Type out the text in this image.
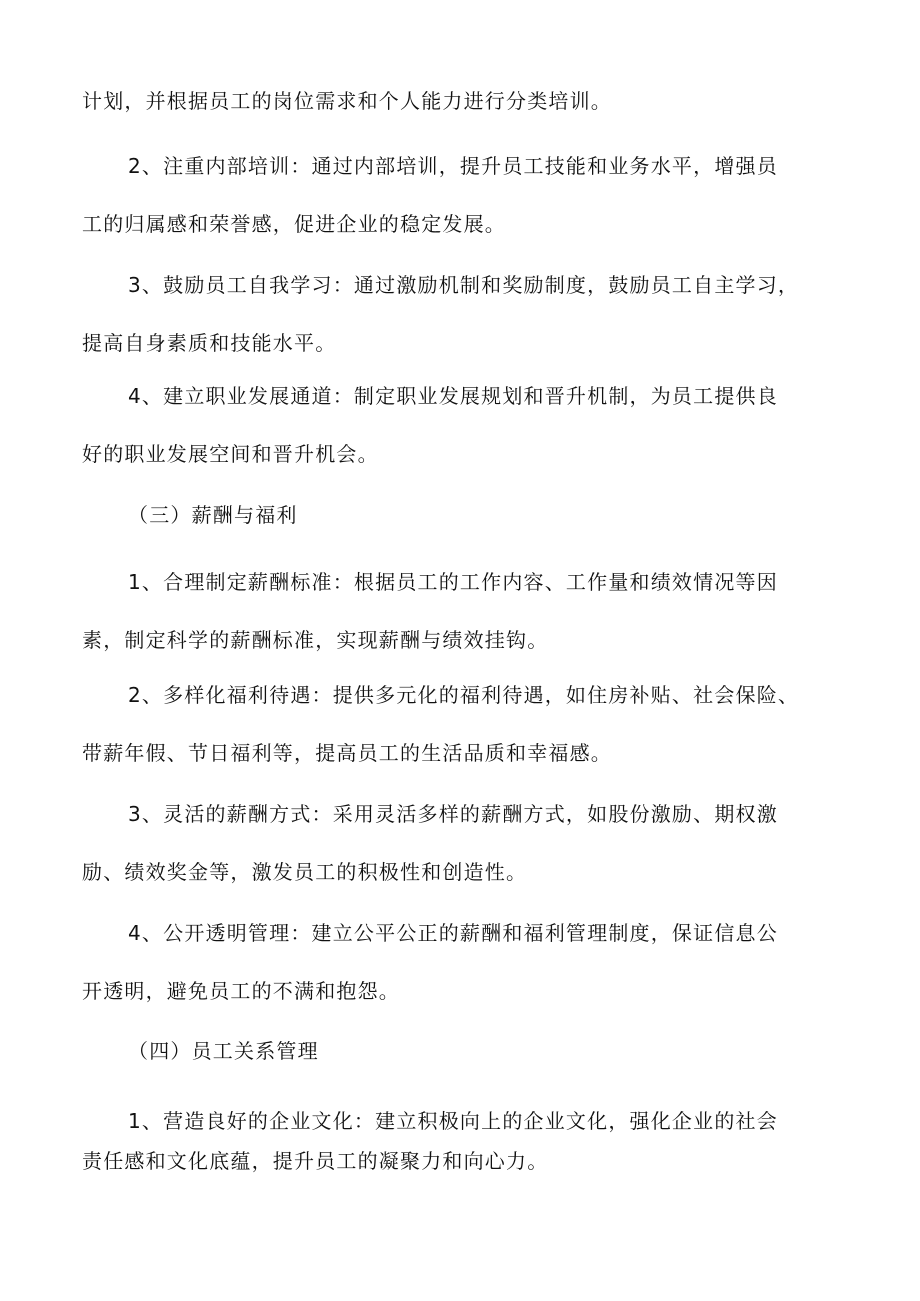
计划，并根据员工的岗位需求和个人能力进行分类培训。

2、注重内部培训：通过内部培训，提升员工技能和业务水平，增强员
工的归属感和荣誉感，促进企业的稳定发展。

3、鼓励员工自我学习：通过激励机制和奖励制度，鼓励员工自主学习，
提高自身素质和技能水平。

4、建立职业发展通道：制定职业发展规划和晋升机制，为员工提供良
好的职业发展空间和晋升机会。

（三）薪酬与福利

1、合理制定薪酬标准：根据员工的工作内容、工作量和绩效情况等因
素，制定科学的薪酬标准，实现薪酬与绩效挂钩。

2、多样化福利待遇：提供多元化的福利待遇，如住房补贴、社会保险、
带薪年假、节日福利等，提高员工的生活品质和幸福感。

3、灵活的薪酬方式：采用灵活多样的薪酬方式，如股份激励、期权激
励、绩效奖金等，激发员工的积极性和创造性。

4、公开透明管理：建立公平公正的薪酬和福利管理制度，保证信息公
开透明，避免员工的不满和抱怨。

（四）员工关系管理

1、营造良好的企业文化：建立积极向上的企业文化，强化企业的社会
责任感和文化底蕴，提升员工的凝聚力和向心力。
